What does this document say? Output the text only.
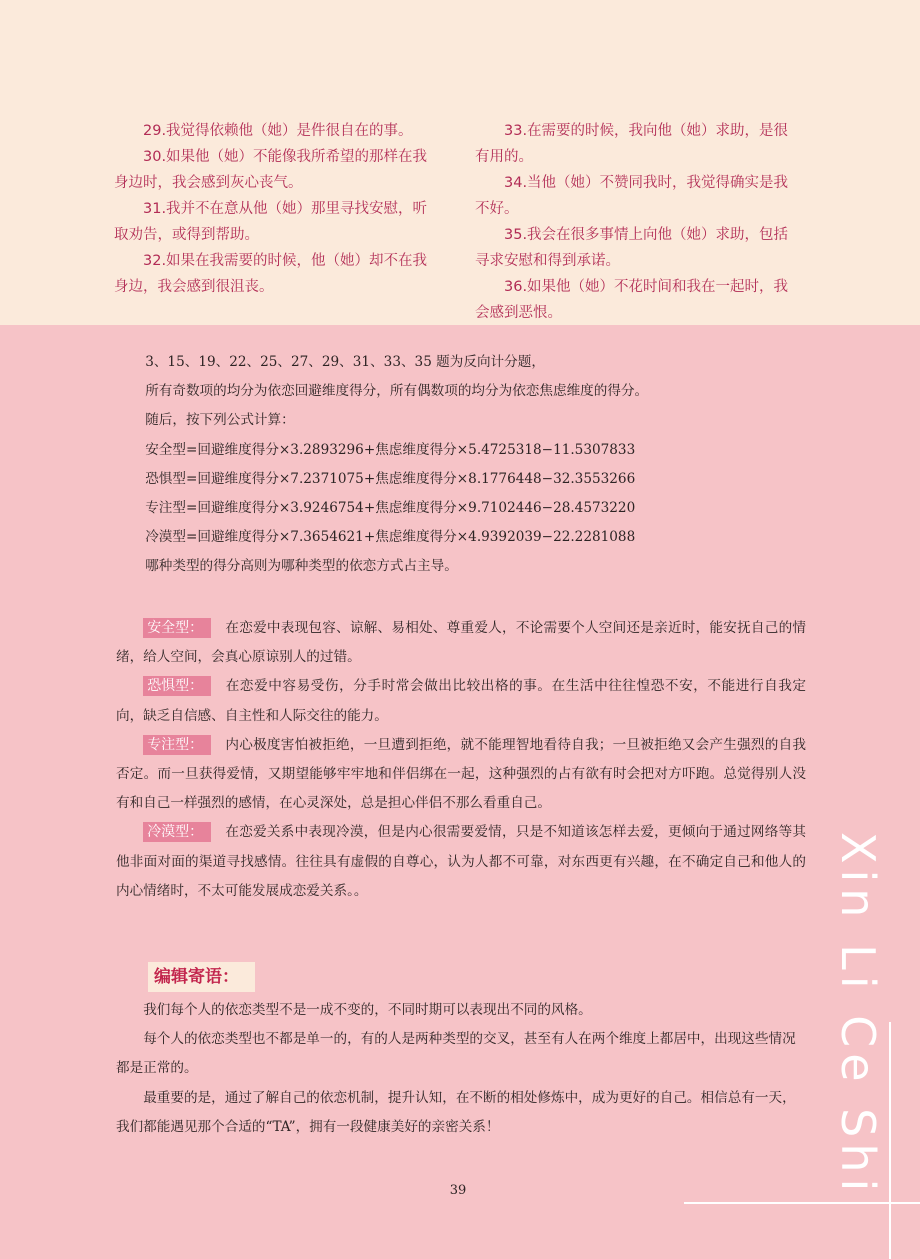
29.我觉得依赖他（她）是件很自在的事。

30.如果他（她）不能像我所希望的那样在我身边时，我会感到灰心丧气。

31.我并不在意从他（她）那里寻找安慰，听取劝告，或得到帮助。

32.如果在我需要的时候，他（她）却不在我身边，我会感到很沮丧。

33.在需要的时候，我向他（她）求助，是很有用的。

34.当他（她）不赞同我时，我觉得确实是我不好。

35.我会在很多事情上向他（她）求助，包括寻求安慰和得到承诺。

36.如果他（她）不花时间和我在一起时，我会感到恶恨。

3、15、19、22、25、27、29、31、33、35 题为反向计分题，

所有奇数项的均分为依恋回避维度得分，所有偶数项的均分为依恋焦虑维度的得分。

随后，按下列公式计算：

安全型=回避维度得分×3.2893296+焦虑维度得分×5.4725318−11.5307833

恐惧型=回避维度得分×7.2371075+焦虑维度得分×8.1776448−32.3553266

专注型=回避维度得分×3.9246754+焦虑维度得分×9.7102446−28.4573220

冷漠型=回避维度得分×7.3654621+焦虑维度得分×4.9392039−22.2281088

哪种类型的得分高则为哪种类型的依恋方式占主导。

安全型： 在恋爱中表现包容、谅解、易相处、尊重爱人，不论需要个人空间还是亲近时，能安抚自己的情绪，给人空间，会真心原谅别人的过错。

恐惧型： 在恋爱中容易受伤，分手时常会做出比较出格的事。在生活中往往惶恐不安，不能进行自我定向，缺乏自信感、自主性和人际交往的能力。

专注型： 内心极度害怕被拒绝，一旦遭到拒绝，就不能理智地看待自我；一旦被拒绝又会产生强烈的自我否定。而一旦获得爱情，又期望能够牢牢地和伴侣绑在一起，这种强烈的占有欲有时会把对方吓跑。总觉得别人没有和自己一样强烈的感情，在心灵深处，总是担心伴侣不那么看重自己。

冷漠型： 在恋爱关系中表现冷漠，但是内心很需要爱情，只是不知道该怎样去爱，更倾向于通过网络等其他非面对面的渠道寻找感情。往往具有虚假的自尊心，认为人都不可靠，对东西更有兴趣，在不确定自己和他人的内心情绪时，不太可能发展成恋爱关系。。

编辑寄语：

我们每个人的依恋类型不是一成不变的，不同时期可以表现出不同的风格。

每个人的依恋类型也不都是单一的，有的人是两种类型的交叉，甚至有人在两个维度上都居中，出现这些情况都是正常的。

最重要的是，通过了解自己的依恋机制，提升认知，在不断的相处修炼中，成为更好的自己。相信总有一天，我们都能遇见那个合适的“TA”，拥有一段健康美好的亲密关系！

39	Xin Li Ce Shi
